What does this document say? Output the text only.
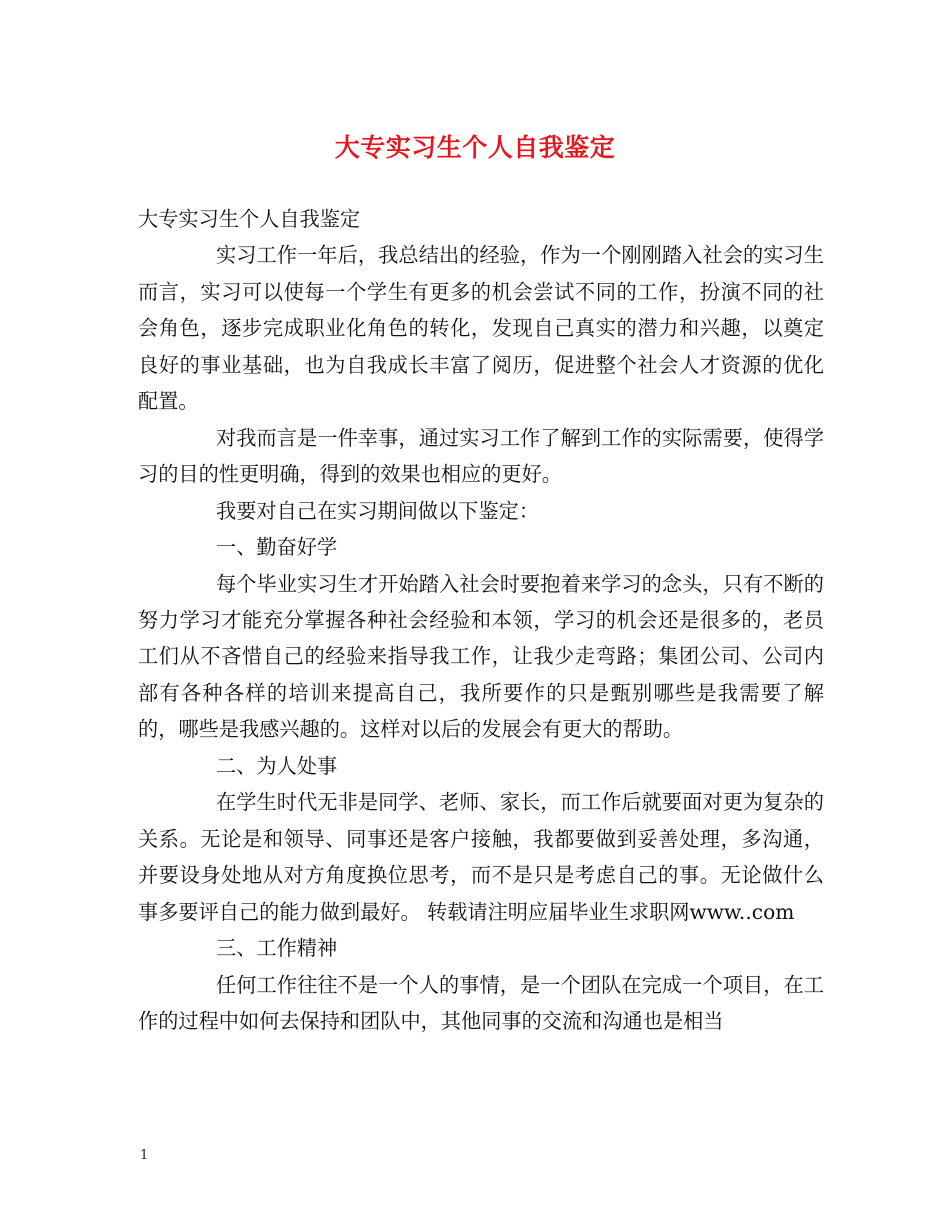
大专实习生个人自我鉴定

大专实习生个人自我鉴定

实习工作一年后，我总结出的经验，作为一个刚刚踏入社会的实习生而言，实习可以使每一个学生有更多的机会尝试不同的工作，扮演不同的社会角色，逐步完成职业化角色的转化，发现自己真实的潜力和兴趣，以奠定良好的事业基础，也为自我成长丰富了阅历，促进整个社会人才资源的优化配置。

对我而言是一件幸事，通过实习工作了解到工作的实际需要，使得学习的目的性更明确，得到的效果也相应的更好。

我要对自己在实习期间做以下鉴定：

一、勤奋好学

每个毕业实习生才开始踏入社会时要抱着来学习的念头，只有不断的努力学习才能充分掌握各种社会经验和本领，学习的机会还是很多的，老员工们从不吝惜自己的经验来指导我工作，让我少走弯路；集团公司、公司内部有各种各样的培训来提高自己，我所要作的只是甄别哪些是我需要了解的，哪些是我感兴趣的。这样对以后的发展会有更大的帮助。

二、为人处事

在学生时代无非是同学、老师、家长，而工作后就要面对更为复杂的关系。无论是和领导、同事还是客户接触，我都要做到妥善处理，多沟通，并要设身处地从对方角度换位思考，而不是只是考虑自己的事。无论做什么事多要评自己的能力做到最好。 转载请注明应届毕业生求职网www..com

三、工作精神

任何工作往往不是一个人的事情，是一个团队在完成一个项目，在工作的过程中如何去保持和团队中，其他同事的交流和沟通也是相当

1
